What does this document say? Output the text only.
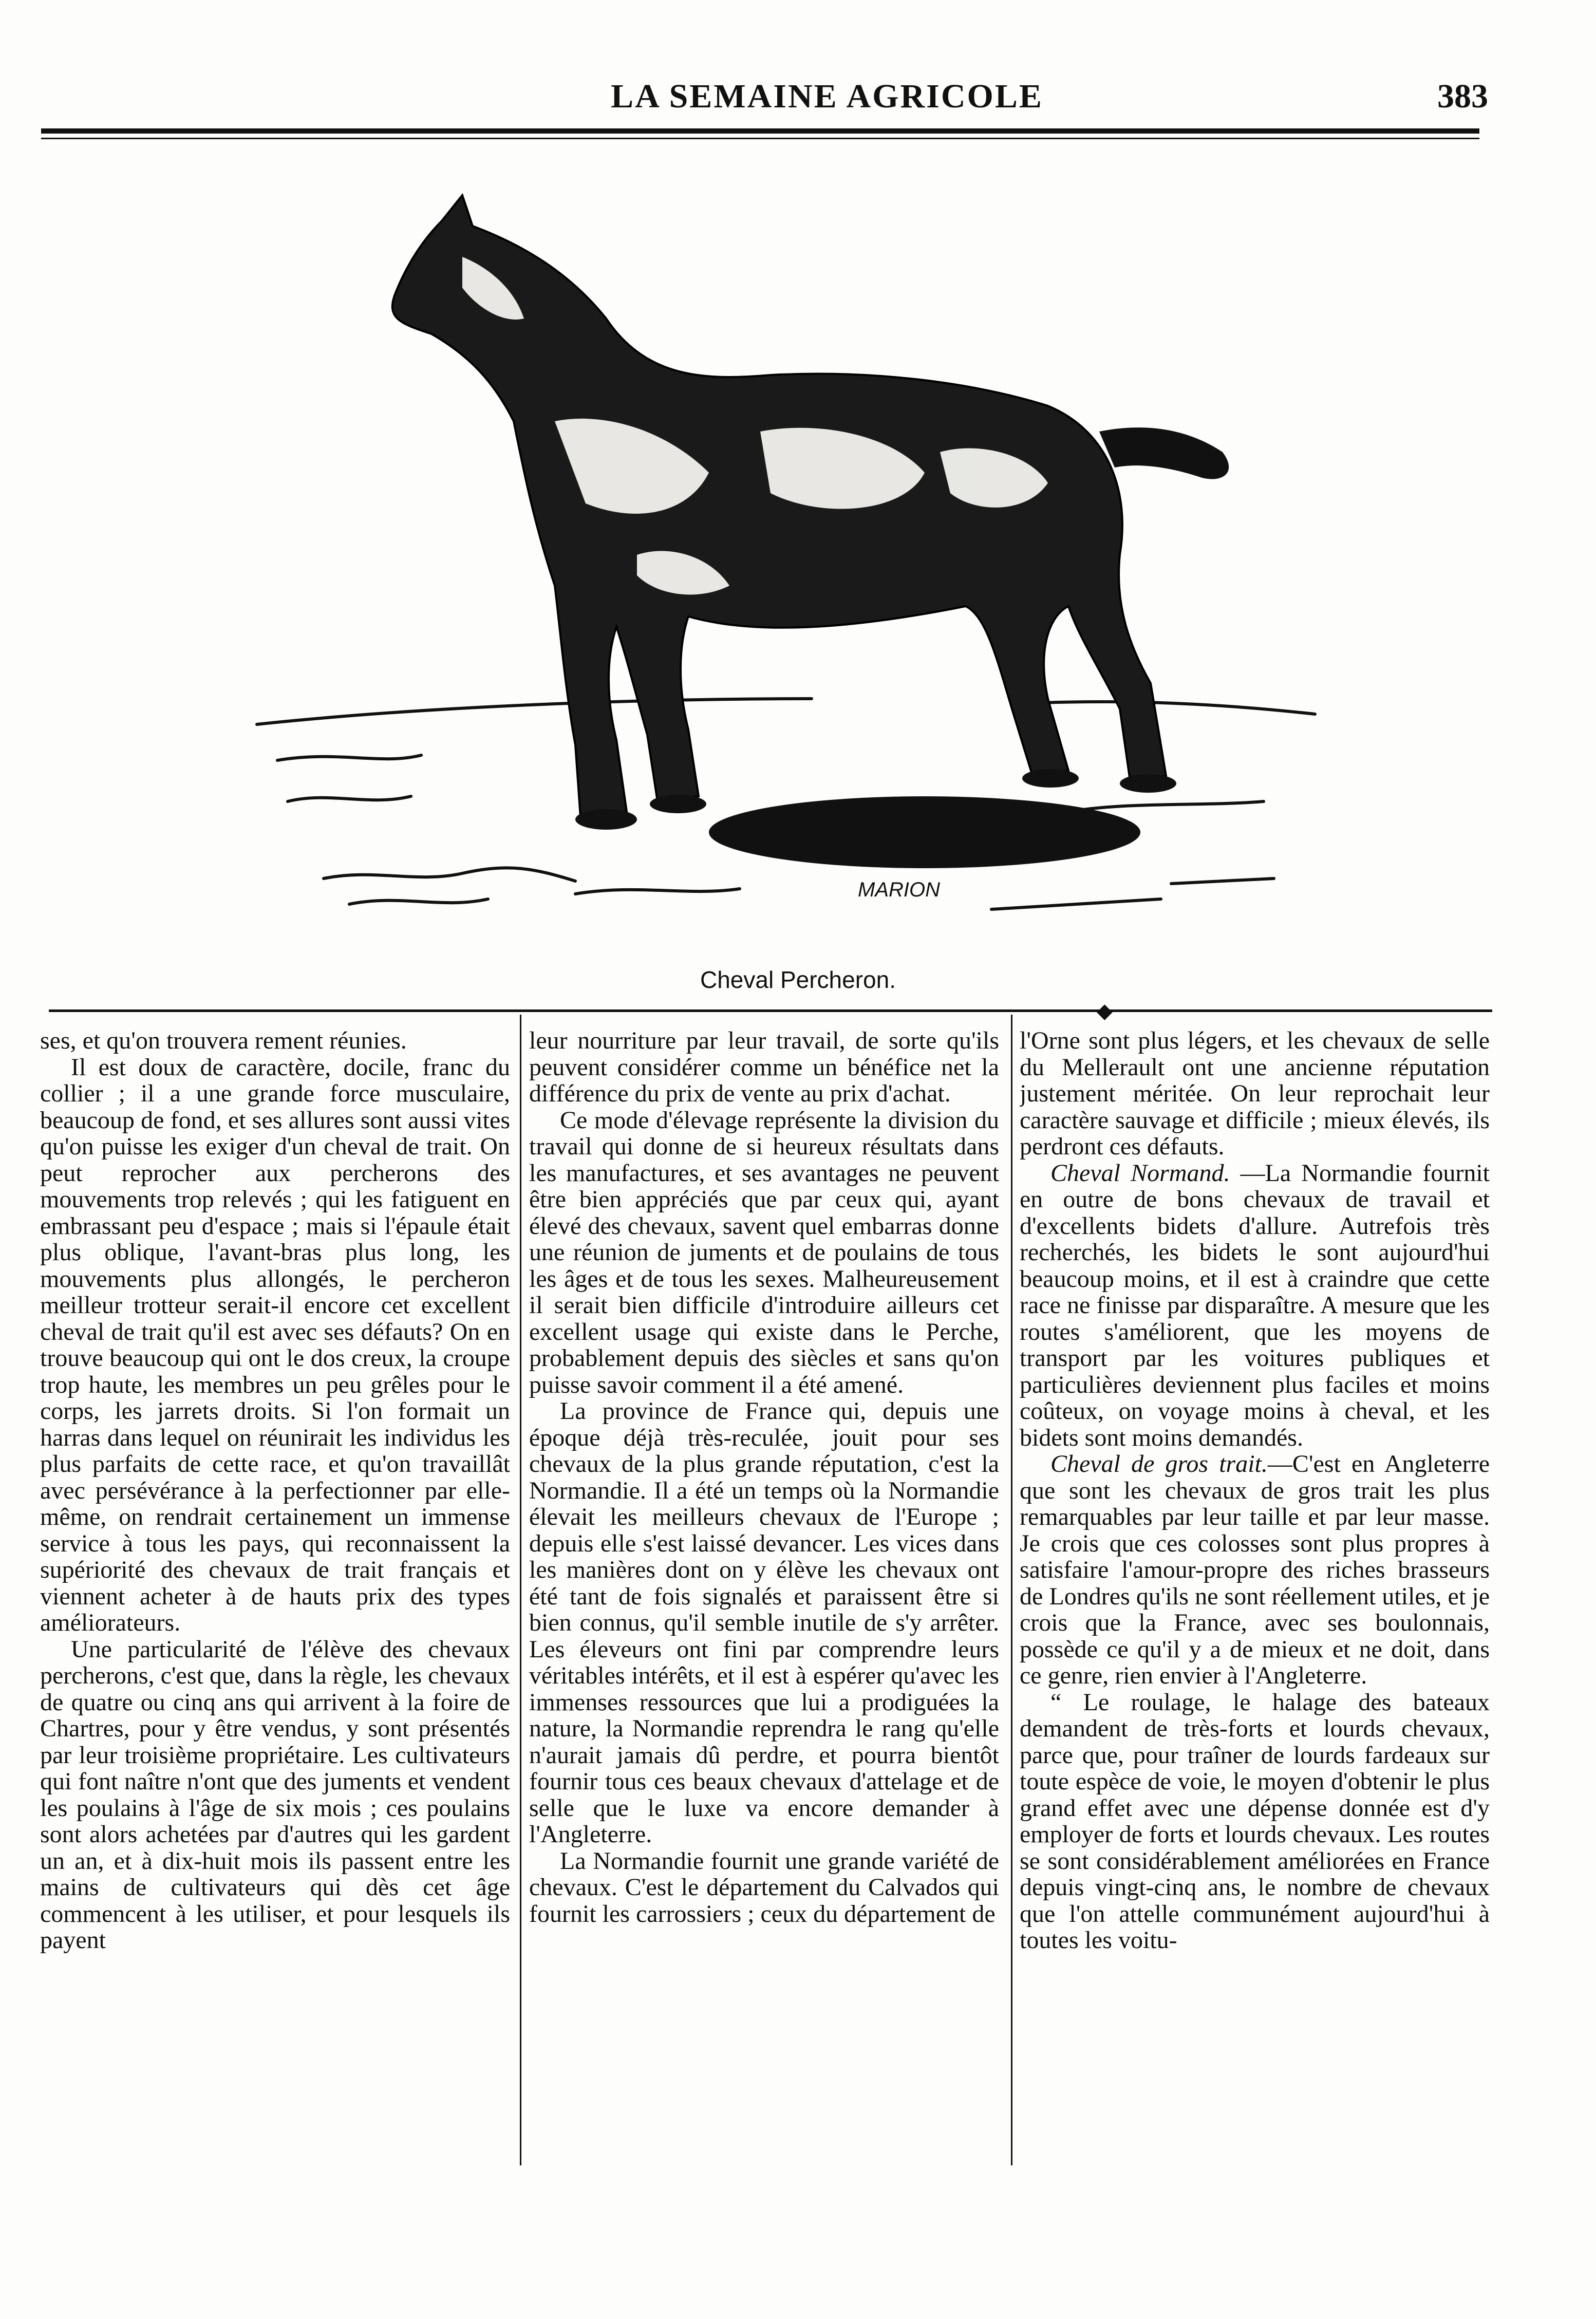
LA SEMAINE AGRICOLE	383
MARION
Cheval Percheron.
◆

ses, et qu'on trouvera rement réunies.

Il est doux de caractère, docile, franc du collier ; il a une grande force musculaire, beaucoup de fond, et ses allures sont aussi vites qu'on puisse les exiger d'un cheval de trait. On peut reprocher aux percherons des mouvements trop relevés ; qui les fatiguent en embrassant peu d'espace ; mais si l'épaule était plus oblique, l'avant-bras plus long, les mouvements plus allongés, le percheron meilleur trotteur serait-il encore cet excellent cheval de trait qu'il est avec ses défauts? On en trouve beaucoup qui ont le dos creux, la croupe trop haute, les membres un peu grêles pour le corps, les jarrets droits. Si l'on formait un harras dans lequel on réunirait les individus les plus parfaits de cette race, et qu'on travaillât avec persévérance à la perfectionner par elle-même, on rendrait certainement un immense service à tous les pays, qui reconnaissent la supériorité des chevaux de trait français et viennent acheter à de hauts prix des types améliorateurs.

Une particularité de l'élève des chevaux percherons, c'est que, dans la règle, les chevaux de quatre ou cinq ans qui arrivent à la foire de Chartres, pour y être vendus, y sont présentés par leur troisième propriétaire. Les cultivateurs qui font naître n'ont que des juments et vendent les poulains à l'âge de six mois ; ces poulains sont alors achetées par d'autres qui les gardent un an, et à dix-huit mois ils passent entre les mains de cultivateurs qui dès cet âge commencent à les utiliser, et pour lesquels ils payent

leur nourriture par leur travail, de sorte qu'ils peuvent considérer comme un bénéfice net la différence du prix de vente au prix d'achat.

Ce mode d'élevage représente la division du travail qui donne de si heureux résultats dans les manufactures, et ses avantages ne peuvent être bien appréciés que par ceux qui, ayant élevé des chevaux, savent quel embarras donne une réunion de juments et de poulains de tous les âges et de tous les sexes. Malheureusement il serait bien difficile d'introduire ailleurs cet excellent usage qui existe dans le Perche, probablement depuis des siècles et sans qu'on puisse savoir comment il a été amené.

La province de France qui, depuis une époque déjà très-reculée, jouit pour ses chevaux de la plus grande réputation, c'est la Normandie. Il a été un temps où la Normandie élevait les meilleurs chevaux de l'Europe ; depuis elle s'est laissé devancer. Les vices dans les manières dont on y élève les chevaux ont été tant de fois signalés et paraissent être si bien connus, qu'il semble inutile de s'y arrêter. Les éleveurs ont fini par comprendre leurs véritables intérêts, et il est à espérer qu'avec les immenses ressources que lui a prodiguées la nature, la Normandie reprendra le rang qu'elle n'aurait jamais dû perdre, et pourra bientôt fournir tous ces beaux chevaux d'attelage et de selle que le luxe va encore demander à l'Angleterre.

La Normandie fournit une grande variété de chevaux. C'est le département du Calvados qui fournit les carrossiers ; ceux du département de

l'Orne sont plus légers, et les chevaux de selle du Mellerault ont une ancienne réputation justement méritée. On leur reprochait leur caractère sauvage et difficile ; mieux élevés, ils perdront ces défauts.

Cheval Normand. —La Normandie fournit en outre de bons chevaux de travail et d'excellents bidets d'allure. Autrefois très recherchés, les bidets le sont aujourd'hui beaucoup moins, et il est à craindre que cette race ne finisse par disparaître. A mesure que les routes s'améliorent, que les moyens de transport par les voitures publiques et particulières deviennent plus faciles et moins coûteux, on voyage moins à cheval, et les bidets sont moins demandés.

Cheval de gros trait.—C'est en Angleterre que sont les chevaux de gros trait les plus remarquables par leur taille et par leur masse. Je crois que ces colosses sont plus propres à satisfaire l'amour-propre des riches brasseurs de Londres qu'ils ne sont réellement utiles, et je crois que la France, avec ses boulonnais, possède ce qu'il y a de mieux et ne doit, dans ce genre, rien envier à l'Angleterre.

“ Le roulage, le halage des bateaux demandent de très-forts et lourds chevaux, parce que, pour traîner de lourds fardeaux sur toute espèce de voie, le moyen d'obtenir le plus grand effet avec une dépense donnée est d'y employer de forts et lourds chevaux. Les routes se sont considérablement améliorées en France depuis vingt-cinq ans, le nombre de chevaux que l'on attelle communément aujourd'hui à toutes les voitu-
